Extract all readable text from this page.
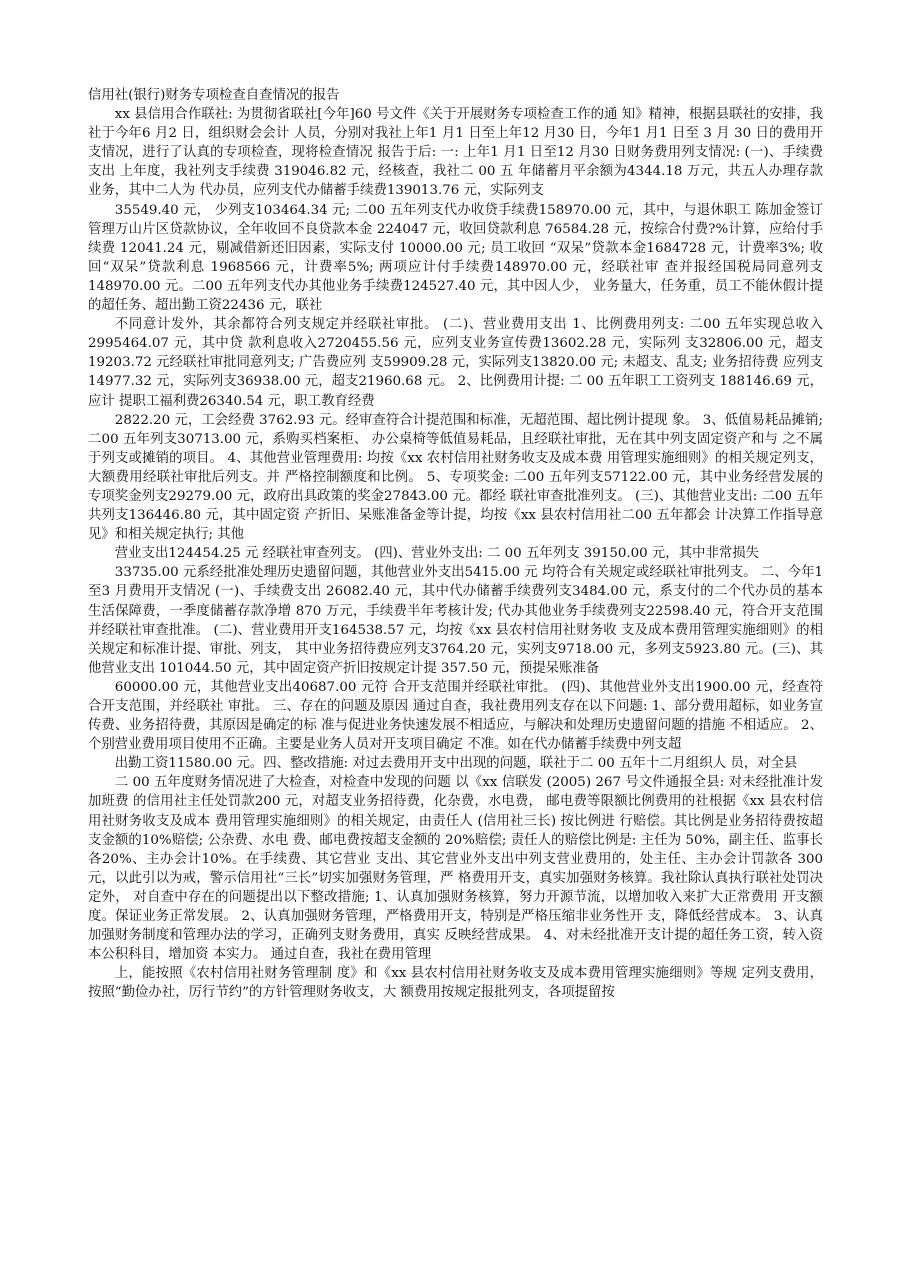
信用社(银行)财务专项检查自查情况的报告

xx 县信用合作联社: 为贯彻省联社[今年]60 号文件《关于开展财务专项检查工作的通 知》精神，根据县联社的安排，我社于今年6 月2 日，组织财会会计 人员，分别对我社上年1 月1 日至上年12 月30 日，今年1 月1 日至 3 月 30 日的费用开支情况，进行了认真的专项检查，现将检查情况 报告于后: 一: 上年1 月1 日至12 月30 日财务费用列支情况: (一)、手续费支出 上年度，我社列支手续费 319046.82 元，经核查，我社二 00 五 年储蓄月平余额为4344.18 万元，共五人办理存款业务，其中二人为 代办员，应列支代办储蓄手续费139013.76 元，实际列支

35549.40 元， 少列支103464.34 元; 二00 五年列支代办收贷手续费158970.00 元，其中，与退休职工 陈加金签订管理万山片区贷款协议，全年收回不良贷款本金 224047 元，收回贷款利息 76584.28 元，按综合付费?%计算，应给付手续费 12041.24 元，剔减借新还旧因素，实际支付 10000.00 元; 员工收回 “双呆”贷款本金1684728 元，计费率3%; 收回“双呆”贷款利息 1968566 元，计费率5%; 两项应计付手续费148970.00 元，经联社审 查并报经国税局同意列支148970.00 元。二00 五年列支代办其他业务手续费124527.40 元，其中因人少， 业务量大，任务重，员工不能休假计提的超任务、超出勤工资22436 元，联社

不同意计发外，其余都符合列支规定并经联社审批。 (二)、营业费用支出 1、比例费用列支: 二00 五年实现总收入2995464.07 元，其中贷 款利息收入2720455.56 元，应列支业务宣传费13602.28 元，实际列 支32806.00 元，超支19203.72 元经联社审批同意列支; 广告费应列 支59909.28 元，实际列支13820.00 元; 未超支、乱支; 业务招待费 应列支14977.32 元，实际列支36938.00 元，超支21960.68 元。 2、比例费用计提: 二 00 五年职工工资列支 188146.69 元，应计 提职工福利费26340.54 元，职工教育经费

2822.20 元，工会经费 3762.93 元。经审查符合计提范围和标准，无超范围、超比例计提现 象。 3、低值易耗品摊销; 二00 五年列支30713.00 元，系购买档案柜、 办公桌椅等低值易耗品，且经联社审批，无在其中列支固定资产和与 之不属于列支或摊销的项目。 4、其他营业管理费用: 均按《xx 农村信用社财务收支及成本费 用管理实施细则》的相关规定列支，大额费用经联社审批后列支。并 严格控制额度和比例。 5、专项奖金: 二00 五年列支57122.00 元，其中业务经营发展的 专项奖金列支29279.00 元，政府出具政策的奖金27843.00 元。都经 联社审查批准列支。 (三)、其他营业支出: 二00 五年共列支136446.80 元，其中固定资 产折旧、呆账准备金等计提，均按《xx 县农村信用社二00 五年都会 计决算工作指导意见》和相关规定执行; 其他

营业支出124454.25 元 经联社审查列支。 (四)、营业外支出: 二 00 五年列支 39150.00 元，其中非常损失

33735.00 元系经批准处理历史遗留问题，其他营业外支出5415.00 元 均符合有关规定或经联社审批列支。 二、今年1 至3 月费用开支情况 (一)、手续费支出 26082.40 元，其中代办储蓄手续费列支3484.00 元，系支付的二个代办员的基本生活保障费，一季度储蓄存款净增 870 万元，手续费半年考核计发; 代办其他业务手续费列支22598.40 元，符合开支范围并经联社审查批准。 (二)、营业费用开支164538.57 元，均按《xx 县农村信用社财务收 支及成本费用管理实施细则》的相关规定和标准计提、审批、列支， 其中业务招待费应列支3764.20 元，实列支9718.00 元，多列支5923.80 元。(三)、其他营业支出 101044.50 元，其中固定资产折旧按规定计提 357.50 元，预提呆账准备

60000.00 元，其他营业支出40687.00 元符 合开支范围并经联社审批。 (四)、其他营业外支出1900.00 元，经查符合开支范围，并经联社 审批。 三、存在的问题及原因 通过自查，我社费用列支存在以下问题: 1、部分费用超标，如业务宣传费、业务招待费，其原因是确定的标 准与促进业务快速发展不相适应，与解决和处理历史遗留问题的措施 不相适应。 2、个别营业费用项目使用不正确。主要是业务人员对开支项目确定 不准。如在代办储蓄手续费中列支超

出勤工资11580.00 元。四、整改措施: 对过去费用开支中出现的问题，联社于二 00 五年十二月组织人 员，对全县

二 00 五年度财务情况进了大检查，对检查中发现的问题 以《xx 信联发 (2005) 267 号文件通报全县: 对未经批准计发加班费 的信用社主任处罚款200 元，对超支业务招待费，化杂费，水电费， 邮电费等限额比例费用的社根据《xx 县农村信用社财务收支及成本 费用管理实施细则》的相关规定，由责任人 (信用社三长) 按比例进 行赔偿。其比例是业务招待费按超支金额的10%赔偿; 公杂费、水电 费、邮电费按超支金额的 20%赔偿; 责任人的赔偿比例是: 主任为 50%，副主任、监事长各20%、主办会计10%。在手续费、其它营业 支出、其它营业外支出中列支营业费用的，处主任、主办会计罚款各 300 元，以此引以为戒，警示信用社“三长”切实加强财务管理，严 格费用开支，真实加强财务核算。我社除认真执行联社处罚决定外， 对自查中存在的问题提出以下整改措施; 1、认真加强财务核算，努力开源节流，以增加收入来扩大正常费用 开支额度。保证业务正常发展。 2、认真加强财务管理，严格费用开支，特别是严格压缩非业务性开 支，降低经营成本。 3、认真加强财务制度和管理办法的学习，正确列支财务费用，真实 反映经营成果。 4、对未经批准开支计提的超任务工资，转入资本公积科目，增加资 本实力。 通过自查，我社在费用管理

上，能按照《农村信用社财务管理制 度》和《xx 县农村信用社财务收支及成本费用管理实施细则》等规 定列支费用，按照“勤俭办社，厉行节约”的方针管理财务收支，大 额费用按规定报批列支，各项提留按
